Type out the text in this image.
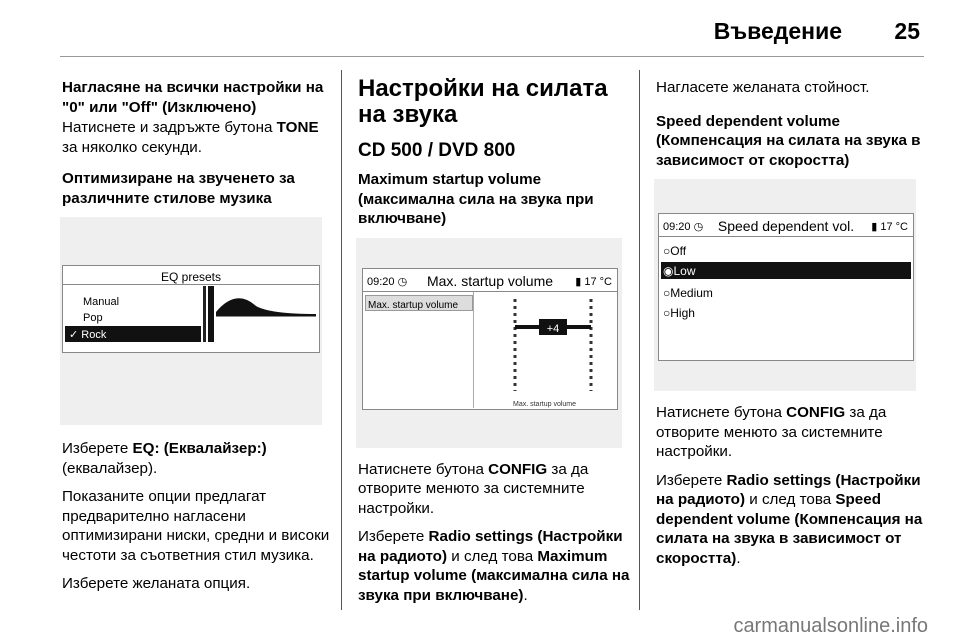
Въведение 25

Нагласяне на всички настройки на "0" или "Off" (Изключено)

Натиснете и задръжте бутона TONE за няколко секунди.

Оптимизиране на звученето за различните стилове музика

EQ presets
Manual
Pop
✓ Rock

Изберете EQ: (Еквалайзер:) (еквалайзер).

Показаните опции предлагат предварително нагласени оптимизирани ниски, средни и високи честоти за съответния стил музика.

Изберете желаната опция.

Настройки на силата на звука
CD 500 / DVD 800

Maximum startup volume (максимална сила на звука при включване)

09:20 ◷	Max. startup volume	▮ 17 °C
Max. startup volume
+4
Max. startup volume

Натиснете бутона CONFIG за да отворите менюто за системните настройки.

Изберете Radio settings (Настройки на радиото) и след това Maximum startup volume (максимална сила на звука при включване).

Нагласете желаната стойност.

Speed dependent volume (Компенсация на силата на звука в зависимост от скоростта)

09:20 ◷	Speed dependent vol.	▮ 17 °C
○Off
◉Low
○Medium
○High

Натиснете бутона CONFIG за да отворите менюто за системните настройки.

Изберете Radio settings (Настройки на радиото) и след това Speed dependent volume (Компенсация на силата на звука в зависимост от скоростта).

carmanualsonline.info
